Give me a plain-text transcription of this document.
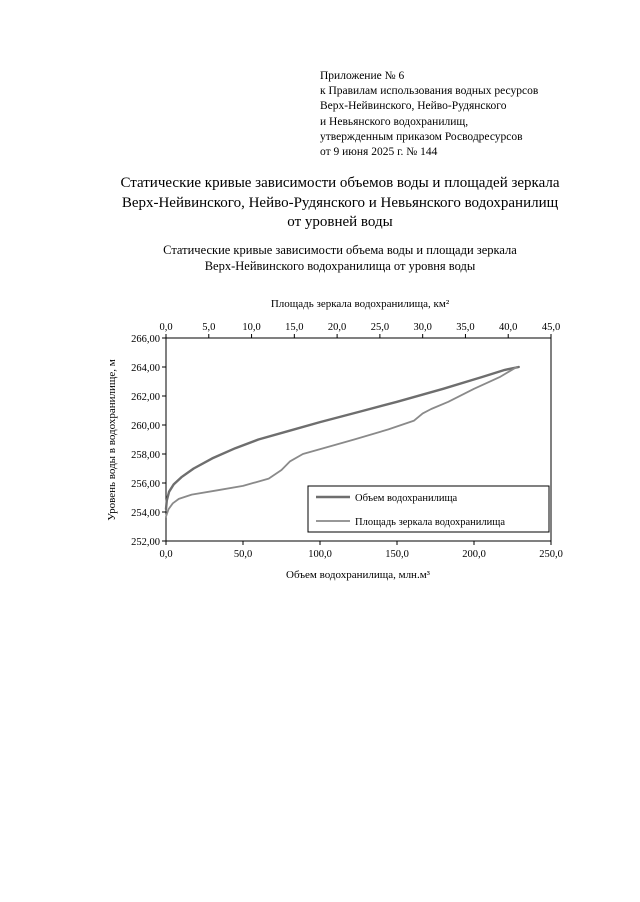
Приложение № 6
к Правилам использования водных ресурсов
Верх-Нейвинского, Нейво-Рудянского
и Невьянского водохранилищ,
утвержденным приказом Росводресурсов
от 9 июня 2025 г. № 144
Статические кривые зависимости объемов воды и площадей зеркала
Верх-Нейвинского, Нейво-Рудянского и Невьянского водохранилищ
от уровней воды
Статические кривые зависимости объема воды и площади зеркала
Верх-Нейвинского водохранилища от уровня воды
0,0	50,0	100,0	150,0	200,0	250,0
0,0	5,0	10,0 15,0 20,0 25,0 30,0 35,0 40,0 45,0
252,00
254,00
256,00
258,00
260,00
262,00
264,00
266,00
Площадь зеркала водохранилища, км²
Объем водохранилища, млн.м³
Уровень воды в водохранилище, м	Объем водохранилища
Площадь зеркала водохранилища
